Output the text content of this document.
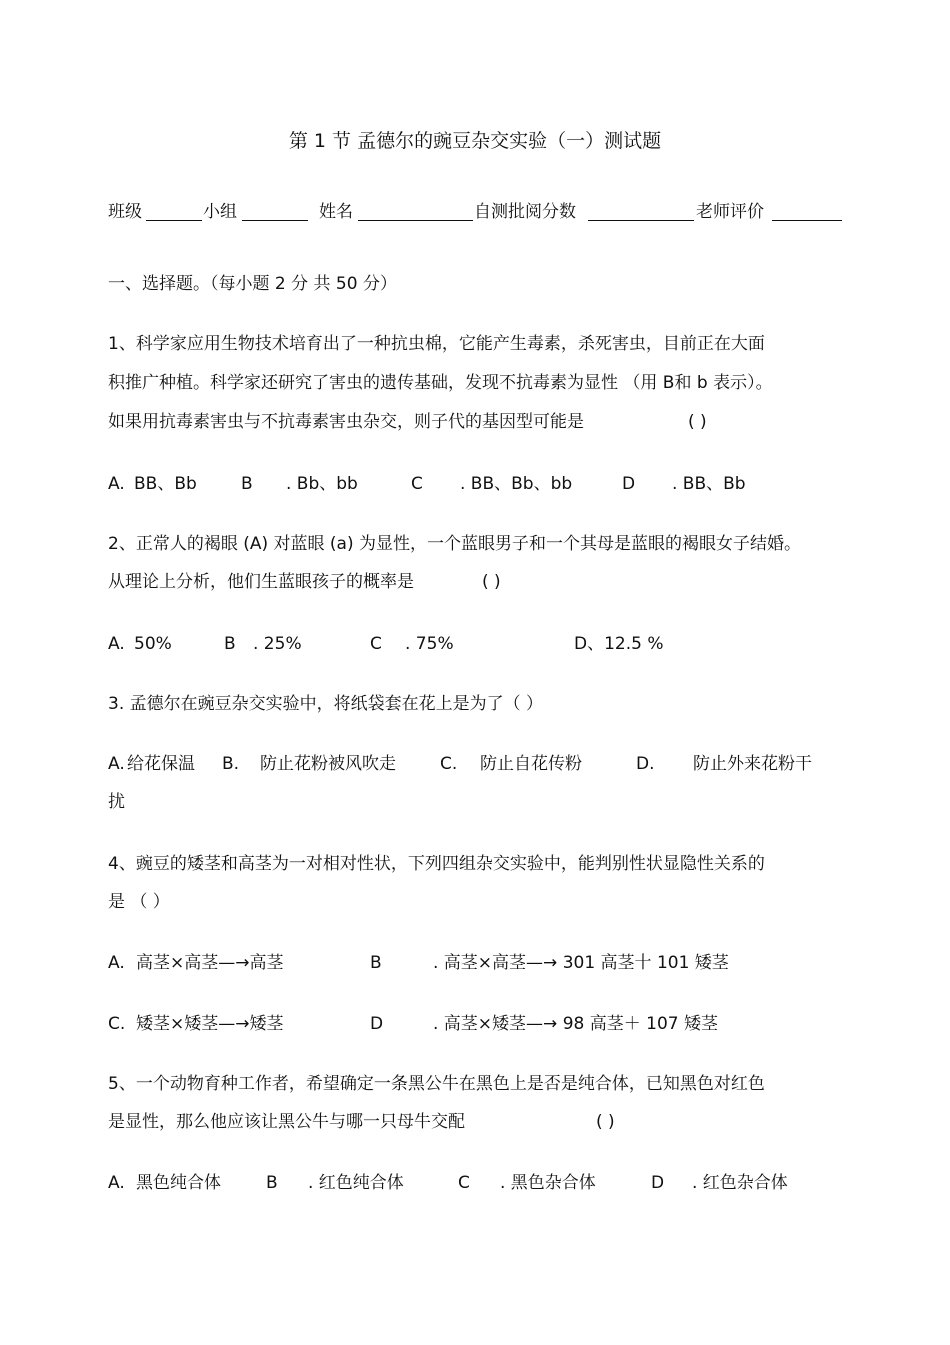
第 1 节 孟德尔的豌豆杂交实验（一）测试题
班级	小组	姓名	自测批阅分数	老师评价
一、选择题。（每小题 2 分 共 50 分）
1、科学家应用生物技术培育出了一种抗虫棉，它能产生毒素，杀死害虫，目前正在大面
积推广种植。科学家还研究了害虫的遗传基础，发现不抗毒素为显性 （用 B和 b 表示）。
如果用抗毒素害虫与不抗毒素害虫杂交，则子代的基因型可能是	( )
A. BB、Bb	B . Bb、bb	C . BB、Bb、bb	D . BB、Bb
2、正常人的褐眼 (A) 对蓝眼 (a) 为显性，一个蓝眼男子和一个其母是蓝眼的褐眼女子结婚。
从理论上分析，他们生蓝眼孩子的概率是	( )
A. 50%	B . 25%	C . 75%	D、12.5 %
3. 孟德尔在豌豆杂交实验中，将纸袋套在花上是为了（ ）
A. 给花保温 B. 防止花粉被风吹走	C. 防止自花传粉	D. 防止外来花粉干
扰
4、豌豆的矮茎和高茎为一对相对性状，下列四组杂交实验中，能判别性状显隐性关系的
是 （ ）
A. 高茎×高茎—→高茎	B	. 高茎×高茎—→ 301 高茎十 101 矮茎
C. 矮茎×矮茎—→矮茎	D	. 高茎×矮茎—→ 98 高茎＋ 107 矮茎
5、一个动物育种工作者，希望确定一条黑公牛在黑色上是否是纯合体，已知黑色对红色
是显性，那么他应该让黑公牛与哪一只母牛交配	( )
A. 黑色纯合体	B . 红色纯合体	C . 黑色杂合体	D . 红色杂合体
